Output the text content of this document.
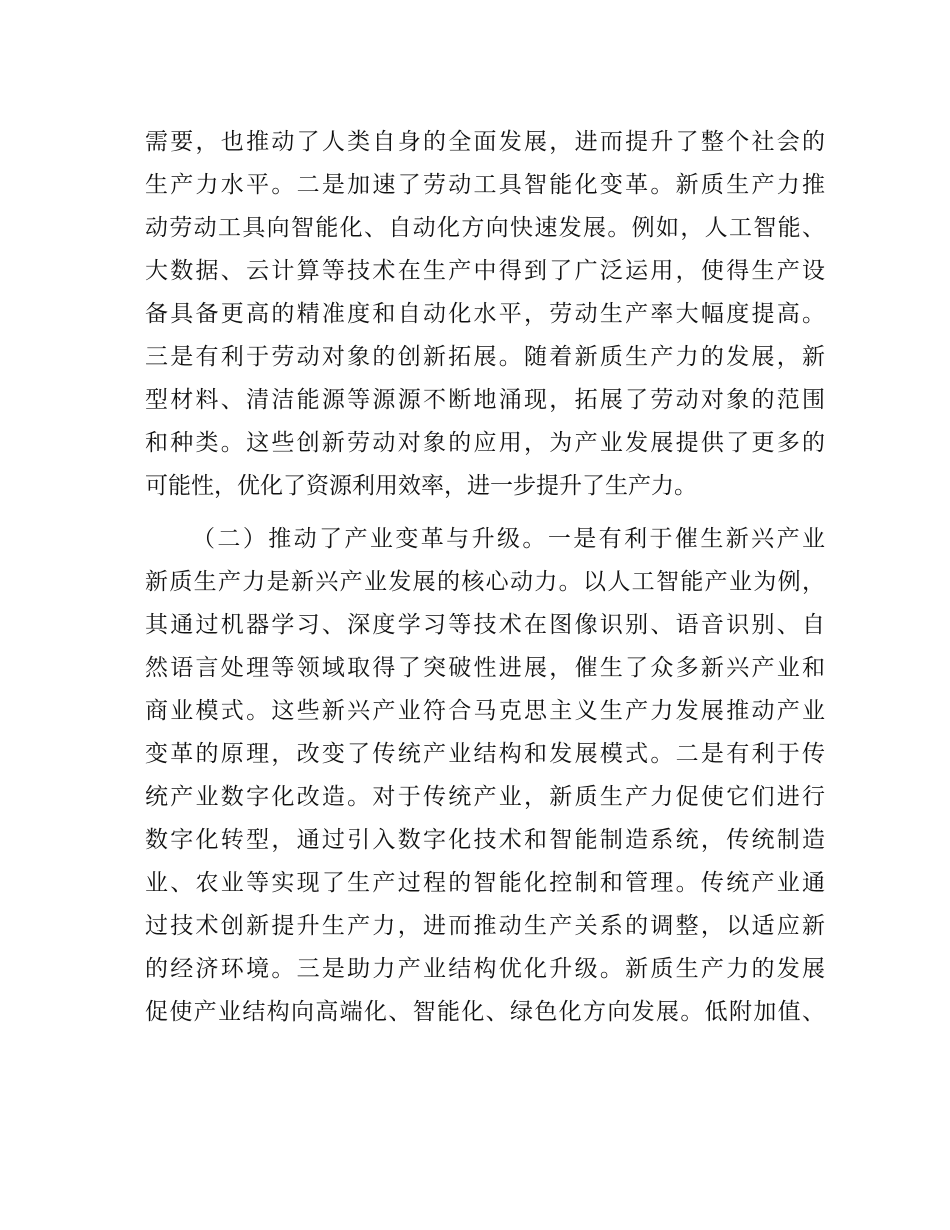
需要，也推动了人类自身的全面发展，进而提升了整个社会的
生产力水平。二是加速了劳动工具智能化变革。新质生产力推
动劳动工具向智能化、自动化方向快速发展。例如，人工智能、
大数据、云计算等技术在生产中得到了广泛运用，使得生产设
备具备更高的精准度和自动化水平，劳动生产率大幅度提高。
三是有利于劳动对象的创新拓展。随着新质生产力的发展，新
型材料、清洁能源等源源不断地涌现，拓展了劳动对象的范围
和种类。这些创新劳动对象的应用，为产业发展提供了更多的
可能性，优化了资源利用效率，进一步提升了生产力。
（二）推动了产业变革与升级。一是有利于催生新兴产业
新质生产力是新兴产业发展的核心动力。以人工智能产业为例，
其通过机器学习、深度学习等技术在图像识别、语音识别、自
然语言处理等领域取得了突破性进展，催生了众多新兴产业和
商业模式。这些新兴产业符合马克思主义生产力发展推动产业
变革的原理，改变了传统产业结构和发展模式。二是有利于传
统产业数字化改造。对于传统产业，新质生产力促使它们进行
数字化转型，通过引入数字化技术和智能制造系统，传统制造
业、农业等实现了生产过程的智能化控制和管理。传统产业通
过技术创新提升生产力，进而推动生产关系的调整，以适应新
的经济环境。三是助力产业结构优化升级。新质生产力的发展
促使产业结构向高端化、智能化、绿色化方向发展。低附加值、
